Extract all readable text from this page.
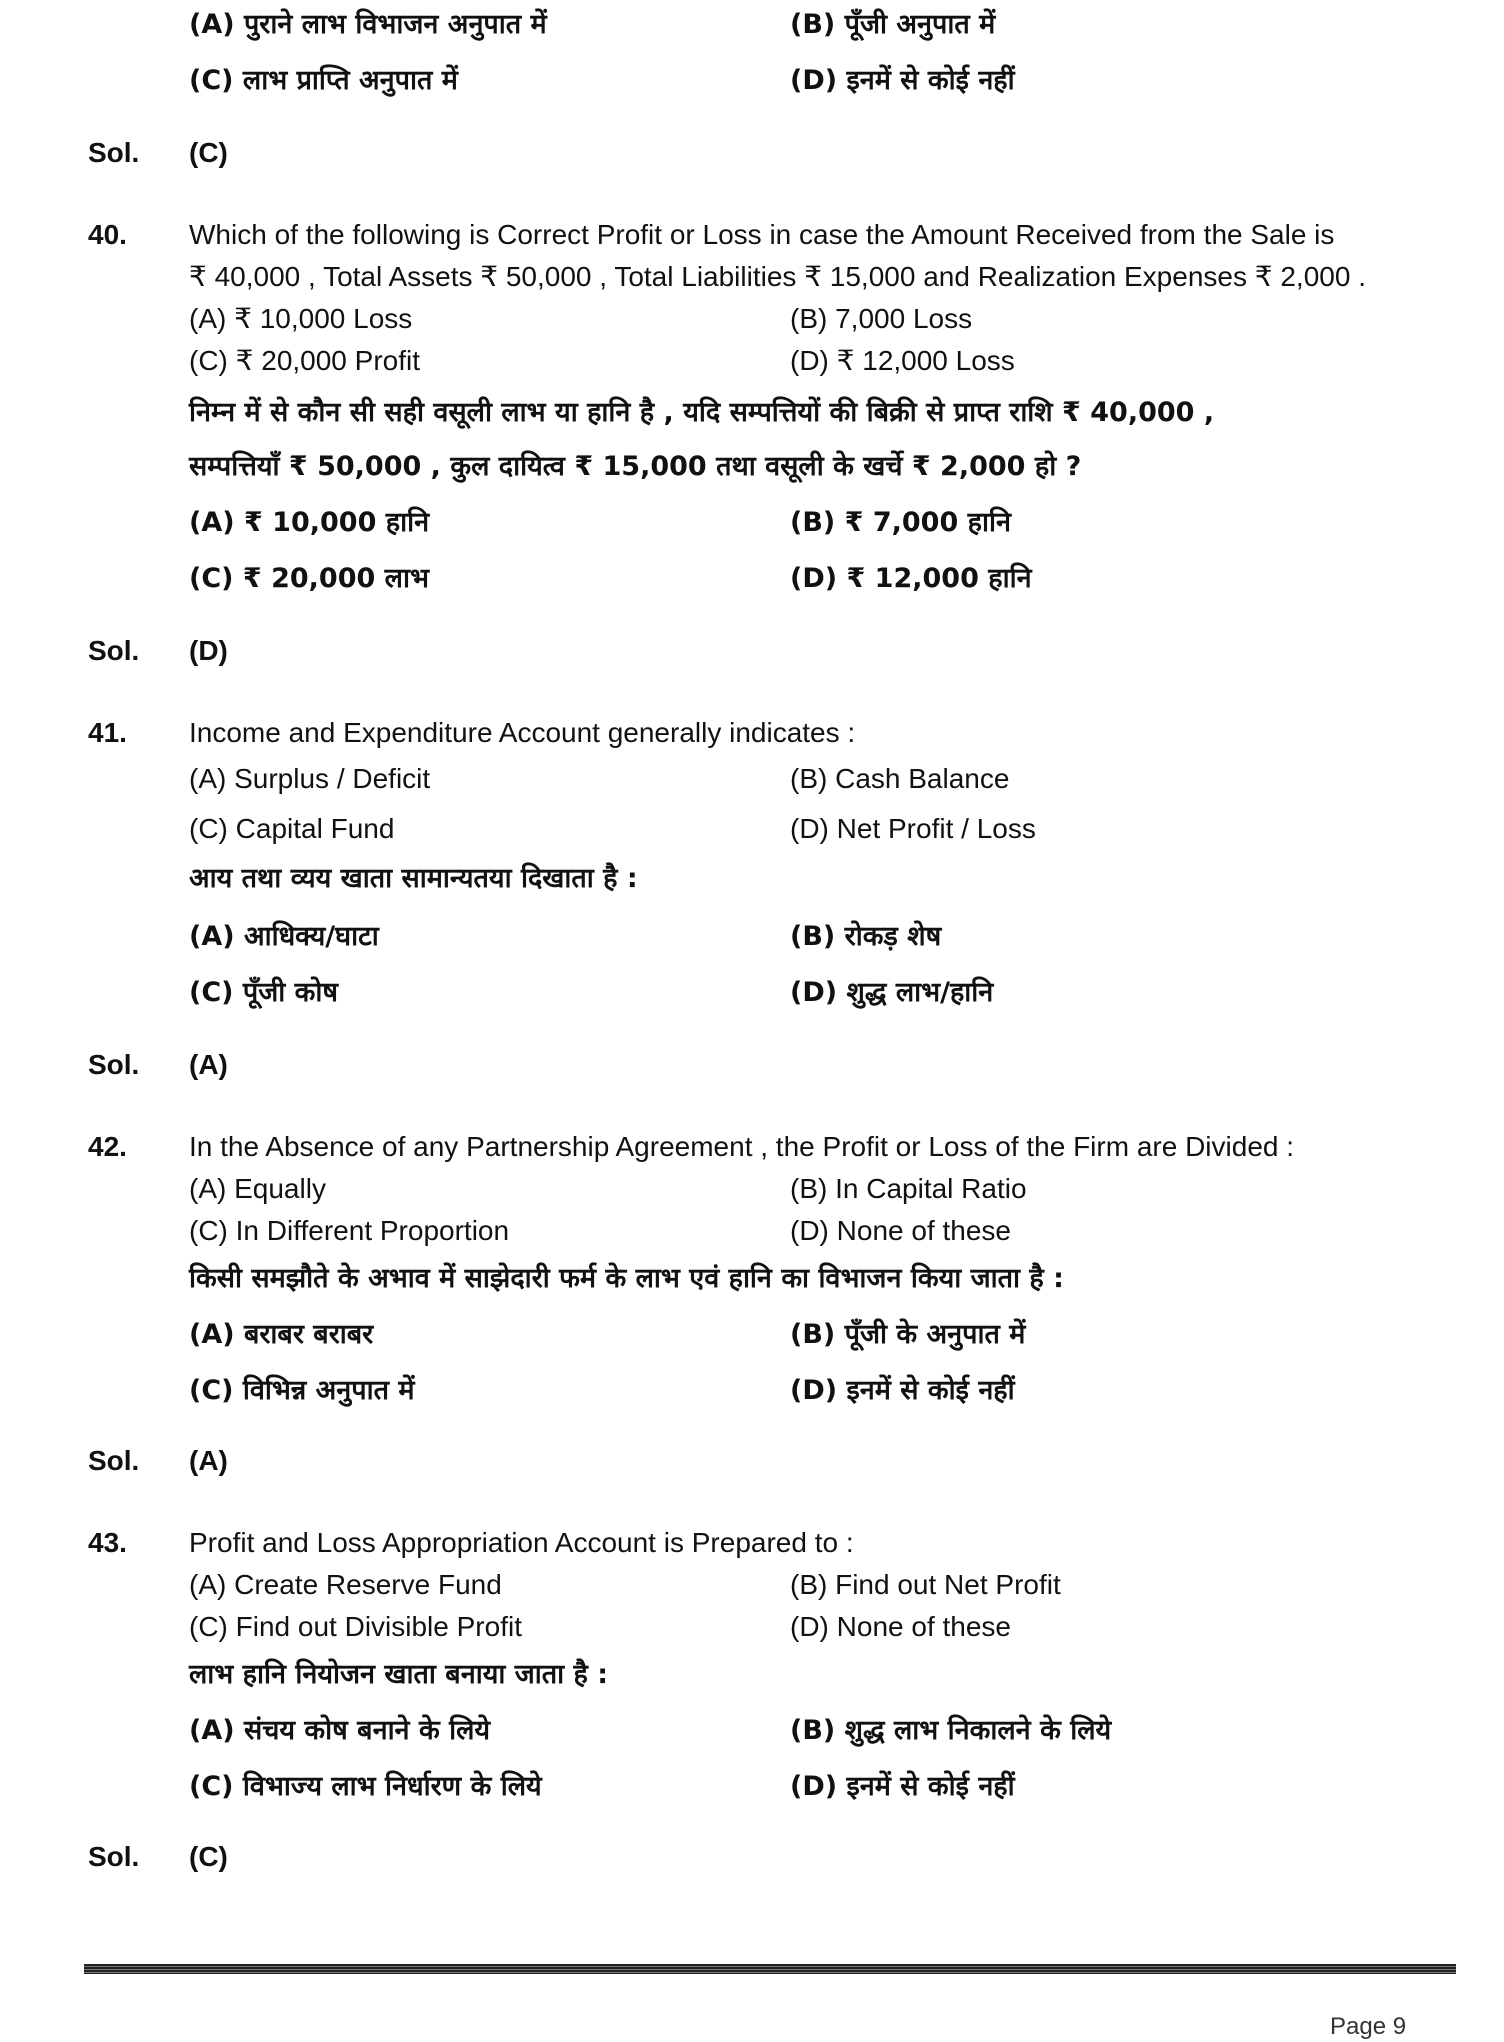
(A) पुराने लाभ विभाजन अनुपात में	(B) पूँजी अनुपात में
(C) लाभ प्राप्ति अनुपात में	(D) इनमें से कोई नहीं
Sol. (C)
40. Which of the following is Correct Profit or Loss in case the Amount Received from the Sale is
₹ 40,000 , Total Assets ₹ 50,000 , Total Liabilities ₹ 15,000 and Realization Expenses ₹ 2,000 .
(A) ₹ 10,000 Loss	(B) 7,000 Loss
(C) ₹ 20,000 Profit	(D) ₹ 12,000 Loss
निम्न में से कौन सी सही वसूली लाभ या हानि है , यदि सम्पत्तियों की बिक्री से प्राप्त राशि ₹ 40,000 ,
सम्पत्तियाँ ₹ 50,000 , कुल दायित्व ₹ 15,000 तथा वसूली के खर्चे ₹ 2,000 हो ?
(A) ₹ 10,000 हानि	(B) ₹ 7,000 हानि
(C) ₹ 20,000 लाभ	(D) ₹ 12,000 हानि
Sol. (D)
41. Income and Expenditure Account generally indicates :
(A) Surplus / Deficit	(B) Cash Balance
(C) Capital Fund	(D) Net Profit / Loss
आय तथा व्यय खाता सामान्यतया दिखाता है :
(A) आधिक्य/घाटा	(B) रोकड़ शेष
(C) पूँजी कोष	(D) शुद्ध लाभ/हानि
Sol. (A)
42. In the Absence of any Partnership Agreement , the Profit or Loss of the Firm are Divided :
(A) Equally	(B) In Capital Ratio
(C) In Different Proportion	(D) None of these
किसी समझौते के अभाव में साझेदारी फर्म के लाभ एवं हानि का विभाजन किया जाता है :
(A) बराबर बराबर	(B) पूँजी के अनुपात में
(C) विभिन्न अनुपात में	(D) इनमें से कोई नहीं
Sol. (A)
43. Profit and Loss Appropriation Account is Prepared to :
(A) Create Reserve Fund	(B) Find out Net Profit
(C) Find out Divisible Profit	(D) None of these
लाभ हानि नियोजन खाता बनाया जाता है :
(A) संचय कोष बनाने के लिये	(B) शुद्ध लाभ निकालने के लिये
(C) विभाज्य लाभ निर्धारण के लिये	(D) इनमें से कोई नहीं
Sol. (C)
Page 9
